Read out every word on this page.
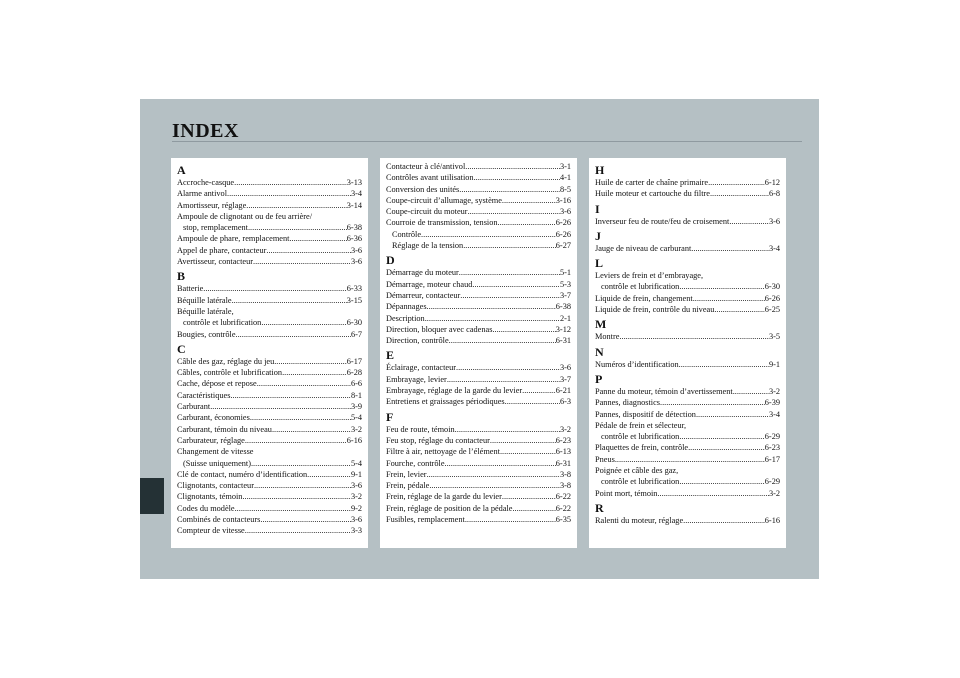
INDEX
A
Accroche-casque .....	3-13
Alarme antivol .....	3-4
Amortisseur, réglage .....	3-14
Ampoule de clignotant ou de feu arrière/
stop, remplacement .....	6-38
Ampoule de phare, remplacement .....	6-36
Appel de phare, contacteur .....	3-6
Avertisseur, contacteur .....	3-6
B
Batterie .....	6-33
Béquille latérale .....	3-15
Béquille latérale,
contrôle et lubrification .....	6-30
Bougies, contrôle .....	6-7
C
Câble des gaz, réglage du jeu .....	6-17
Câbles, contrôle et lubrification .....	6-28
Cache, dépose et repose .....	6-6
Caractéristiques .....	8-1
Carburant .....	3-9
Carburant, économies .....	5-4
Carburant, témoin du niveau .....	3-2
Carburateur, réglage .....	6-16
Changement de vitesse
(Suisse uniquement) .....	5-4
Clé de contact, numéro d’identification .....	9-1
Clignotants, contacteur .....	3-6
Clignotants, témoin .....	3-2
Codes du modèle .....	9-2
Combinés de contacteurs .....	3-6
Compteur de vitesse .....	3-3
Contacteur à clé/antivol .....	3-1
Contrôles avant utilisation .....	4-1
Conversion des unités .....	8-5
Coupe-circuit d’allumage, système .....	3-16
Coupe-circuit du moteur .....	3-6
Courroie de transmission, tension .....	6-26
Contrôle .....	6-26
Réglage de la tension .....	6-27
D
Démarrage du moteur .....	5-1
Démarrage, moteur chaud .....	5-3
Démarreur, contacteur .....	3-7
Dépannages .....	6-38
Description .....	2-1
Direction, bloquer avec cadenas .....	3-12
Direction, contrôle .....	6-31
E
Éclairage, contacteur .....	3-6
Embrayage, levier .....	3-7
Embrayage, réglage de la garde du levier .....	6-21
Entretiens et graissages périodiques .....	6-3
F
Feu de route, témoin .....	3-2
Feu stop, réglage du contacteur .....	6-23
Filtre à air, nettoyage de l’élément .....	6-13
Fourche, contrôle .....	6-31
Frein, levier .....	3-8
Frein, pédale .....	3-8
Frein, réglage de la garde du levier .....	6-22
Frein, réglage de position de la pédale .....	6-22
Fusibles, remplacement .....	6-35
H
Huile de carter de chaîne primaire .....	6-12
Huile moteur et cartouche du filtre .....	6-8
I
Inverseur feu de route/feu de croisement .....	3-6
J
Jauge de niveau de carburant .....	3-4
L
Leviers de frein et d’embrayage,
contrôle et lubrification .....	6-30
Liquide de frein, changement .....	6-26
Liquide de frein, contrôle du niveau .....	6-25
M
Montre .....	3-5
N
Numéros d’identification .....	9-1
P
Panne du moteur, témoin d’avertissement .....	3-2
Pannes, diagnostics .....	6-39
Pannes, dispositif de détection .....	3-4
Pédale de frein et sélecteur,
contrôle et lubrification .....	6-29
Plaquettes de frein, contrôle .....	6-23
Pneus .....	6-17
Poignée et câble des gaz,
contrôle et lubrification .....	6-29
Point mort, témoin .....	3-2
R
Ralenti du moteur, réglage .....	6-16
